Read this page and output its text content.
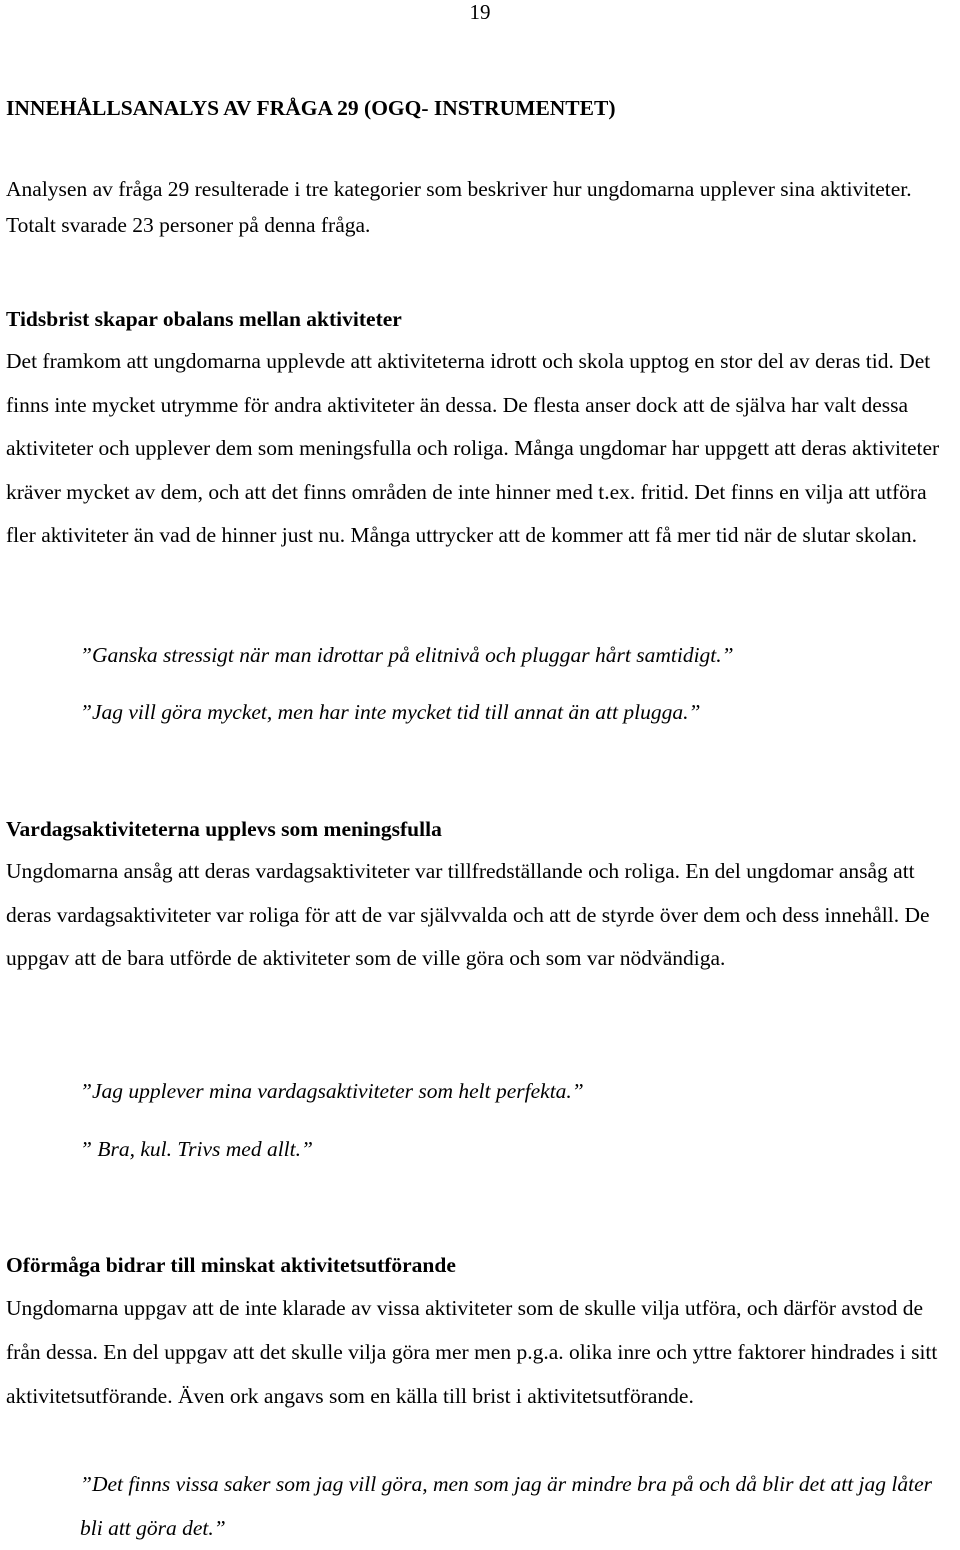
19
INNEHÅLLSANALYS AV FRÅGA 29 (OGQ- INSTRUMENTET)

Analysen av fråga 29 resulterade i tre kategorier som beskriver hur ungdomarna upplever sina aktiviteter. Totalt svarade 23 personer på denna fråga.

Tidsbrist skapar obalans mellan aktiviteter

Det framkom att ungdomarna upplevde att aktiviteterna idrott och skola upptog en stor del av deras tid. Det finns inte mycket utrymme för andra aktiviteter än dessa. De flesta anser dock att de själva har valt dessa aktiviteter och upplever dem som meningsfulla och roliga. Många ungdomar har uppgett att deras aktiviteter kräver mycket av dem, och att det finns områden de inte hinner med t.ex. fritid. Det finns en vilja att utföra fler aktiviteter än vad de hinner just nu. Många uttrycker att de kommer att få mer tid när de slutar skolan.

”Ganska stressigt när man idrottar på elitnivå och pluggar hårt samtidigt.”

”Jag vill göra mycket, men har inte mycket tid till annat än att plugga.”

Vardagsaktiviteterna upplevs som meningsfulla

Ungdomarna ansåg att deras vardagsaktiviteter var tillfredställande och roliga. En del ungdomar ansåg att deras vardagsaktiviteter var roliga för att de var självvalda och att de styrde över dem och dess innehåll. De uppgav att de bara utförde de aktiviteter som de ville göra och som var nödvändiga.

”Jag upplever mina vardagsaktiviteter som helt perfekta.”

” Bra, kul. Trivs med allt.”

Oförmåga bidrar till minskat aktivitetsutförande

Ungdomarna uppgav att de inte klarade av vissa aktiviteter som de skulle vilja utföra, och därför avstod de från dessa. En del uppgav att det skulle vilja göra mer men p.g.a. olika inre och yttre faktorer hindrades i sitt aktivitetsutförande. Även ork angavs som en källa till brist i aktivitetsutförande.

”Det finns vissa saker som jag vill göra, men som jag är mindre bra på och då blir det att jag låter bli att göra det.”
